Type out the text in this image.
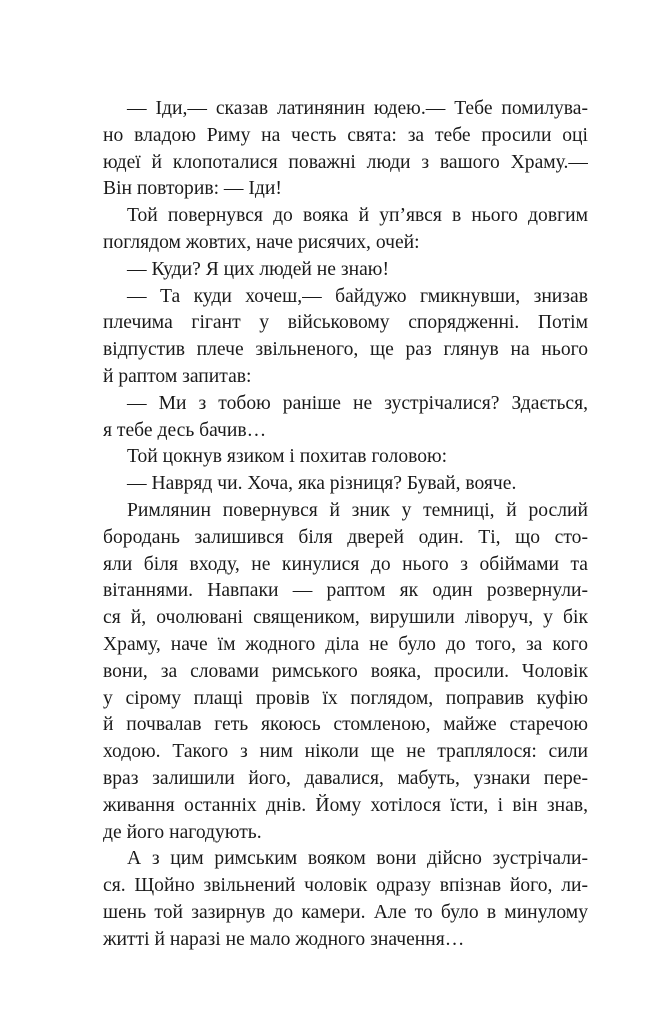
— Іди,— сказав латинянин юдею.— Тебе помилува-
но владою Риму на честь свята: за тебе просили оці
юдеї й клопоталися поважні люди з вашого Храму.—
Він повторив: — Іди!
Той повернувся до вояка й уп’явся в нього довгим
поглядом жовтих, наче рисячих, очей:
— Куди? Я цих людей не знаю!
— Та куди хочеш,— байдужо гмикнувши, знизав
плечима гігант у військовому спорядженні. Потім
відпустив плече звільненого, ще раз глянув на нього
й раптом запитав:
— Ми з тобою раніше не зустрічалися? Здається,
я тебе десь бачив…
Той цокнув язиком і похитав головою:
— Навряд чи. Хоча, яка різниця? Бувай, вояче.
Римлянин повернувся й зник у темниці, й рослий
бородань залишився біля дверей один. Ті, що сто-
яли біля входу, не кинулися до нього з обіймами та
вітаннями. Навпаки — раптом як один розвернули-
ся й, очолювані священиком, вирушили ліворуч, у бік
Храму, наче їм жодного діла не було до того, за кого
вони, за словами римського вояка, просили. Чоловік
у сірому плащі провів їх поглядом, поправив куфію
й почвалав геть якоюсь стомленою, майже старечою
ходою. Такого з ним ніколи ще не траплялося: сили
враз залишили його, давалися, мабуть, узнаки пере-
живання останніх днів. Йому хотілося їсти, і він знав,
де його нагодують.
А з цим римським вояком вони дійсно зустрічали-
ся. Щойно звільнений чоловік одразу впізнав його, ли-
шень той зазирнув до камери. Але то було в минулому
житті й наразі не мало жодного значення…
